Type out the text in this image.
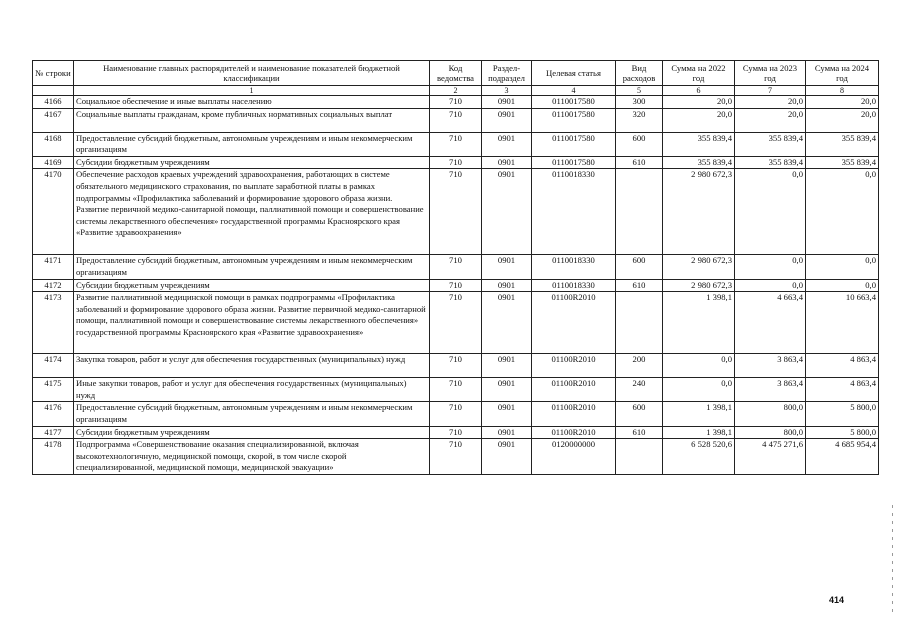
№ строки	Наименование главных распорядителей и наименование показателей бюджетной классификации	Код ведомства	Раздел-подраздел	Целевая статья	Вид расходов	Сумма на 2022 год	Сумма на 2023 год	Сумма на 2024 год
	1	2	3	4	5	6	7	8
4166	Социальное обеспечение и иные выплаты населению	710	0901	0110017580	300	20,0	20,0	20,0
4167	Социальные выплаты гражданам, кроме публичных нормативных социальных выплат	710	0901	0110017580	320	20,0	20,0	20,0
4168	Предоставление субсидий бюджетным, автономным учреждениям и иным некоммерческим организациям	710	0901	0110017580	600	355 839,4	355 839,4	355 839,4
4169	Субсидии бюджетным учреждениям	710	0901	0110017580	610	355 839,4	355 839,4	355 839,4
4170	Обеспечение расходов краевых учреждений здравоохранения, работающих в системе обязательного медицинского страхования, по выплате заработной платы в рамках подпрограммы «Профилактика заболеваний и формирование здорового образа жизни. Развитие первичной медико-санитарной помощи, паллиативной помощи и совершенствование системы лекарственного обеспечения» государственной программы Красноярского края «Развитие здравоохранения»	710	0901	0110018330		2 980 672,3	0,0	0,0
4171	Предоставление субсидий бюджетным, автономным учреждениям и иным некоммерческим организациям	710	0901	0110018330	600	2 980 672,3	0,0	0,0
4172	Субсидии бюджетным учреждениям	710	0901	0110018330	610	2 980 672,3	0,0	0,0
4173	Развитие паллиативной медицинской помощи в рамках подпрограммы «Профилактика заболеваний и формирование здорового образа жизни. Развитие первичной медико-санитарной помощи, паллиативной помощи и совершенствование системы лекарственного обеспечения» государственной программы Красноярского края «Развитие здравоохранения»	710	0901	01100R2010		1 398,1	4 663,4	10 663,4
4174	Закупка товаров, работ и услуг для обеспечения государственных (муниципальных) нужд	710	0901	01100R2010	200	0,0	3 863,4	4 863,4
4175	Иные закупки товаров, работ и услуг для обеспечения государственных (муниципальных) нужд	710	0901	01100R2010	240	0,0	3 863,4	4 863,4
4176	Предоставление субсидий бюджетным, автономным учреждениям и иным некоммерческим организациям	710	0901	01100R2010	600	1 398,1	800,0	5 800,0
4177	Субсидии бюджетным учреждениям	710	0901	01100R2010	610	1 398,1	800,0	5 800,0
4178	Подпрограмма «Совершенствование оказания специализированной, включая высокотехнологичную, медицинской помощи, скорой, в том числе скорой специализированной, медицинской помощи, медицинской эвакуации»	710	0901	0120000000		6 528 520,6	4 475 271,6	4 685 954,4
414
